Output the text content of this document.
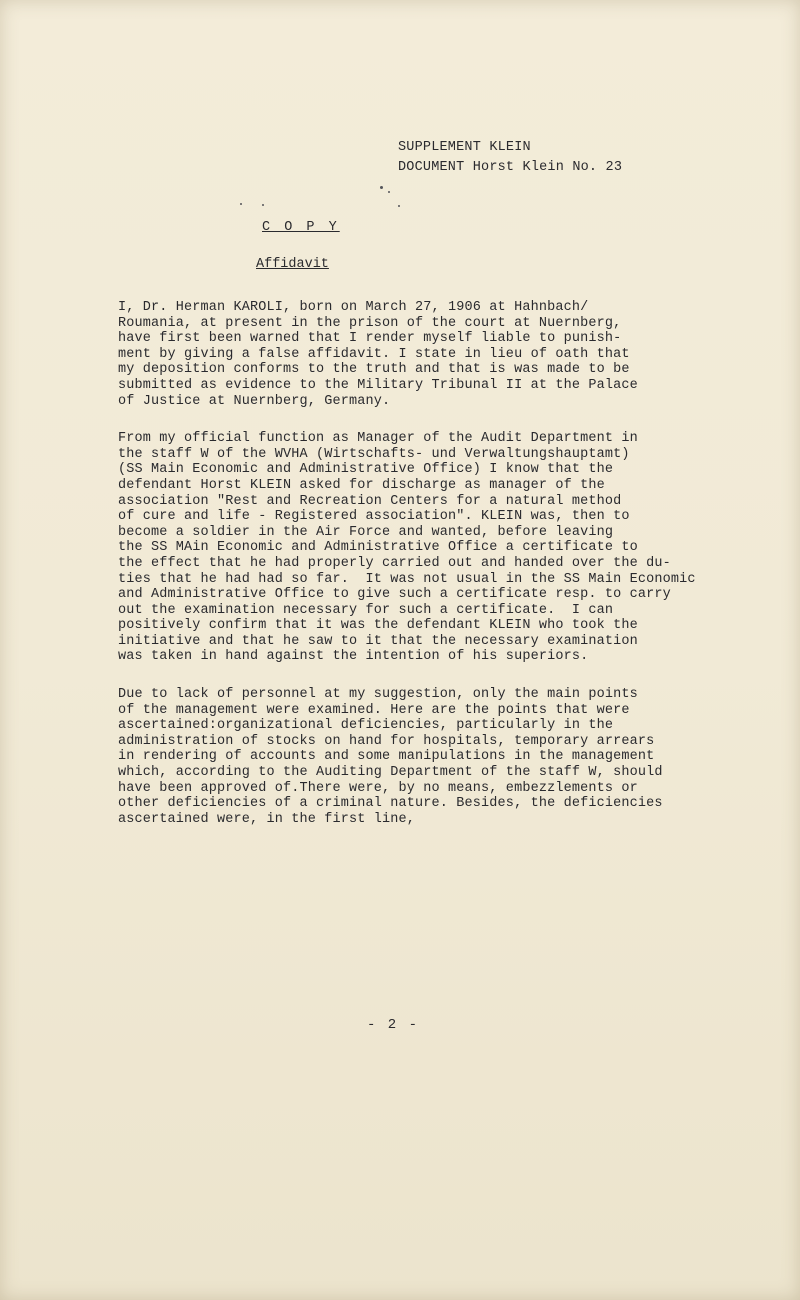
SUPPLEMENT KLEIN
DOCUMENT Horst Klein No. 23
C O P Y
Affidavit

I, Dr. Herman KAROLI, born on March 27, 1906 at Hahnbach/
Roumania, at present in the prison of the court at Nuernberg,
have first been warned that I render myself liable to punish-
ment by giving a false affidavit. I state in lieu of oath that
my deposition conforms to the truth and that is was made to be
submitted as evidence to the Military Tribunal II at the Palace
of Justice at Nuernberg, Germany.

From my official function as Manager of the Audit Department in
the staff W of the WVHA (Wirtschafts- und Verwaltungshauptamt)
(SS Main Economic and Administrative Office) I know that the
defendant Horst KLEIN asked for discharge as manager of the
association "Rest and Recreation Centers for a natural method
of cure and life - Registered association". KLEIN was, then to
become a soldier in the Air Force and wanted, before leaving
the SS MAin Economic and Administrative Office a certificate to
the effect that he had properly carried out and handed over the du-
ties that he had had so far.  It was not usual in the SS Main Economic
and Administrative Office to give such a certificate resp. to carry
out the examination necessary for such a certificate.  I can
positively confirm that it was the defendant KLEIN who took the
initiative and that he saw to it that the necessary examination
was taken in hand against the intention of his superiors.

Due to lack of personnel at my suggestion, only the main points
of the management were examined. Here are the points that were
ascertained:organizational deficiencies, particularly in the
administration of stocks on hand for hospitals, temporary arrears
in rendering of accounts and some manipulations in the management
which, according to the Auditing Department of the staff W, should
have been approved of.There were, by no means, embezzlements or
other deficiencies of a criminal nature. Besides, the deficiencies
ascertained were, in the first line,

- 2 -
